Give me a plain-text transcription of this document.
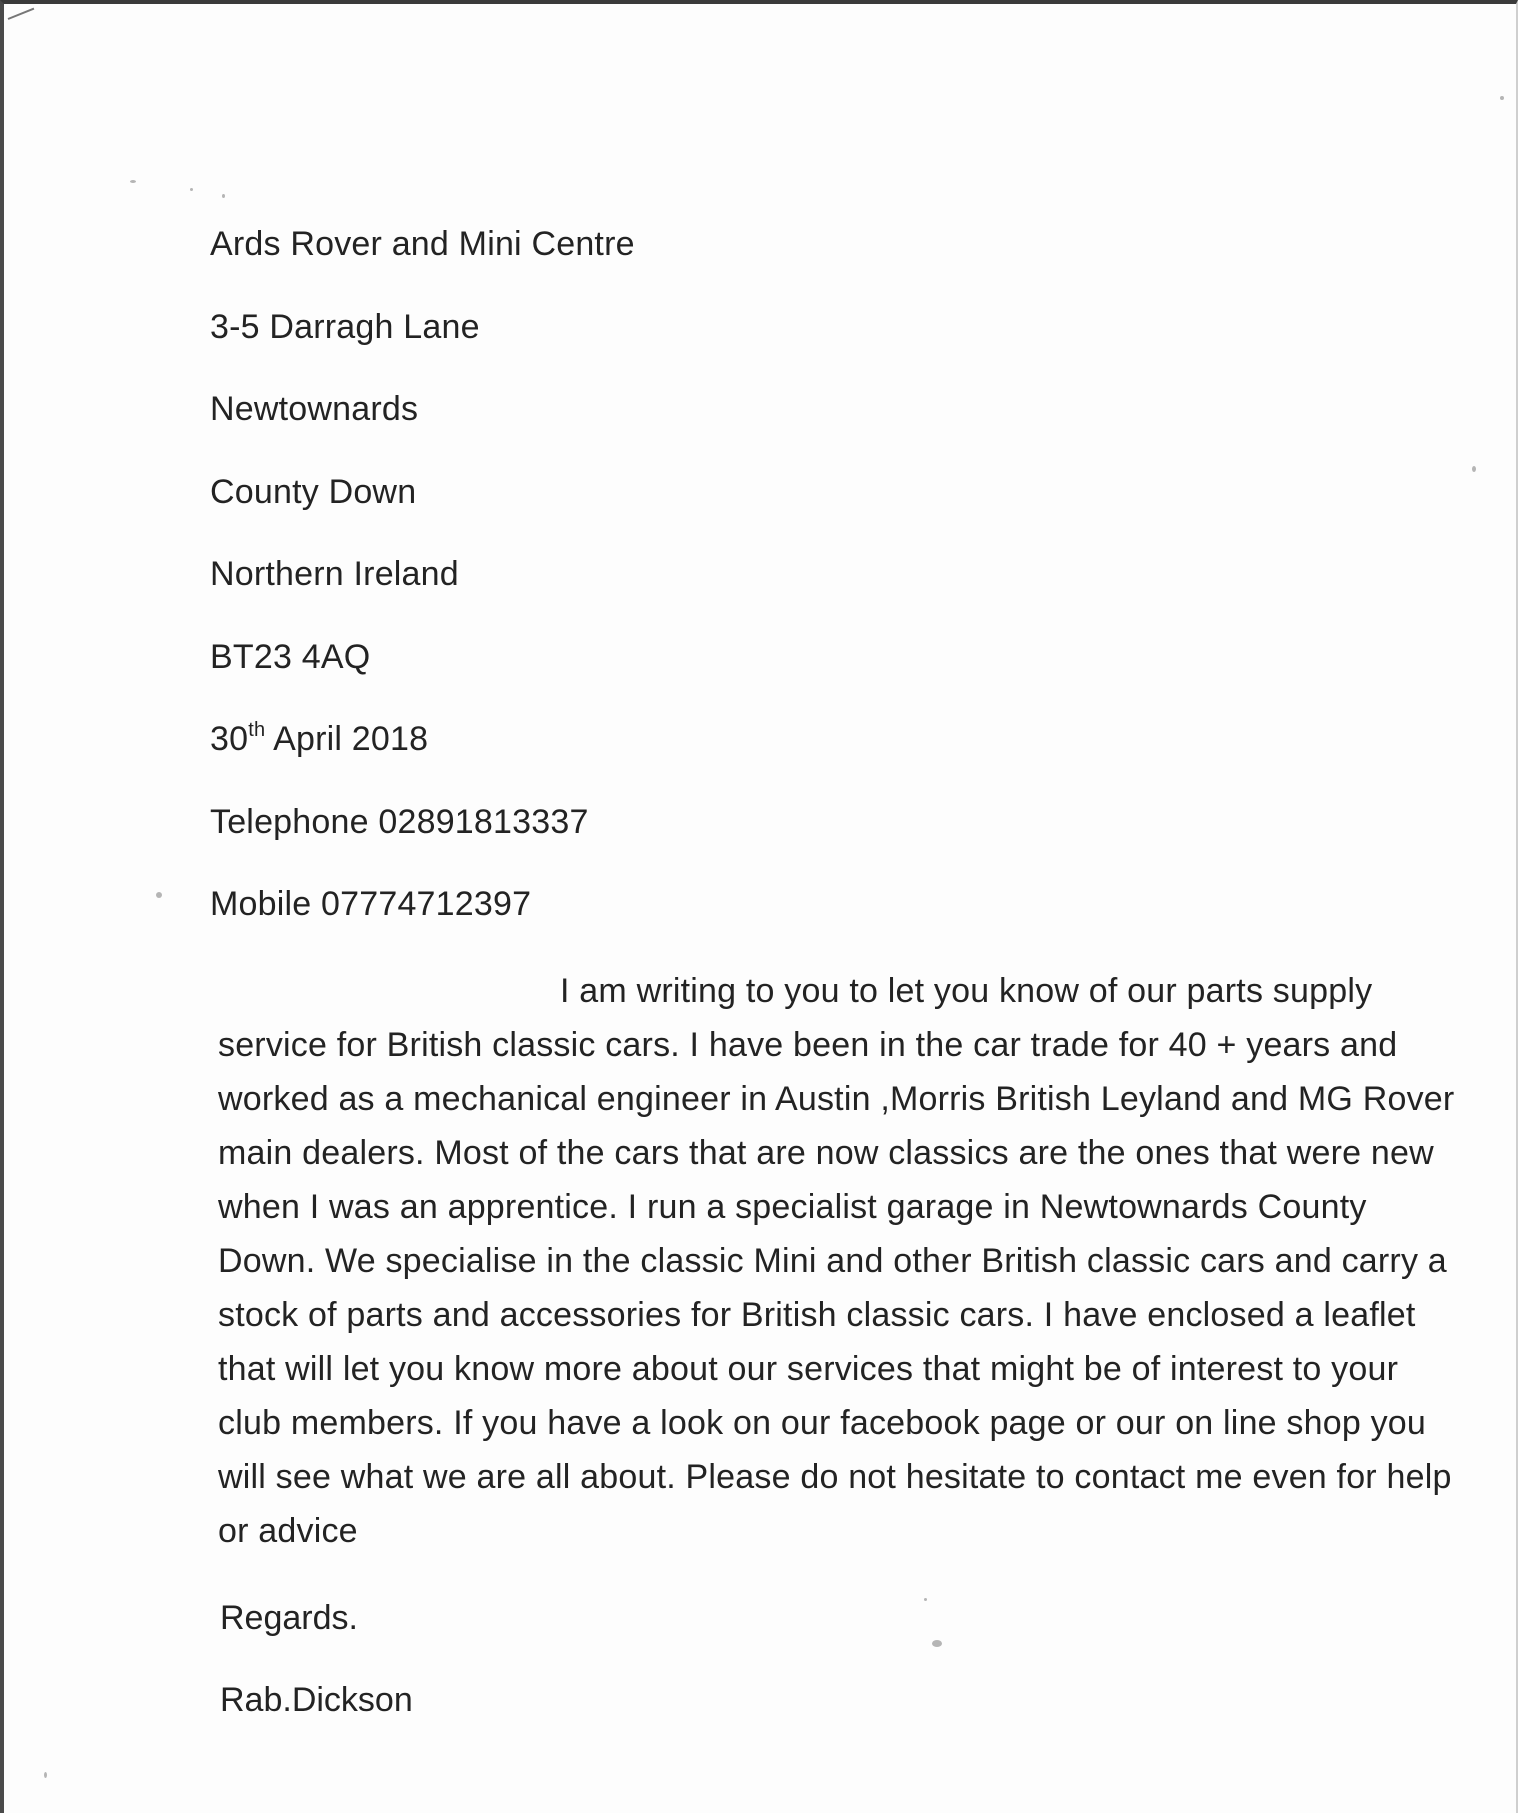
Ards Rover and Mini Centre
3-5 Darragh Lane
Newtownards
County Down
Northern Ireland
BT23 4AQ
30th April 2018
Telephone 02891813337
Mobile 07774712397
I am writing to you to let you know of our parts supply service for British classic cars. I have been in the car trade for 40 + years and worked as a mechanical engineer in Austin ,Morris British Leyland and MG Rover main dealers. Most of the cars that are now classics are the ones that were new when I was an apprentice. I run a specialist garage in Newtownards County Down. We specialise in the classic Mini and other British classic cars and carry a stock of parts and accessories for British classic cars. I have enclosed a leaflet that will let you know more about our services that might be of interest to your club members. If you have a look on our facebook page or our on line shop you will see what we are all about. Please do not hesitate to contact me even for help or advice
Regards.
Rab.Dickson
